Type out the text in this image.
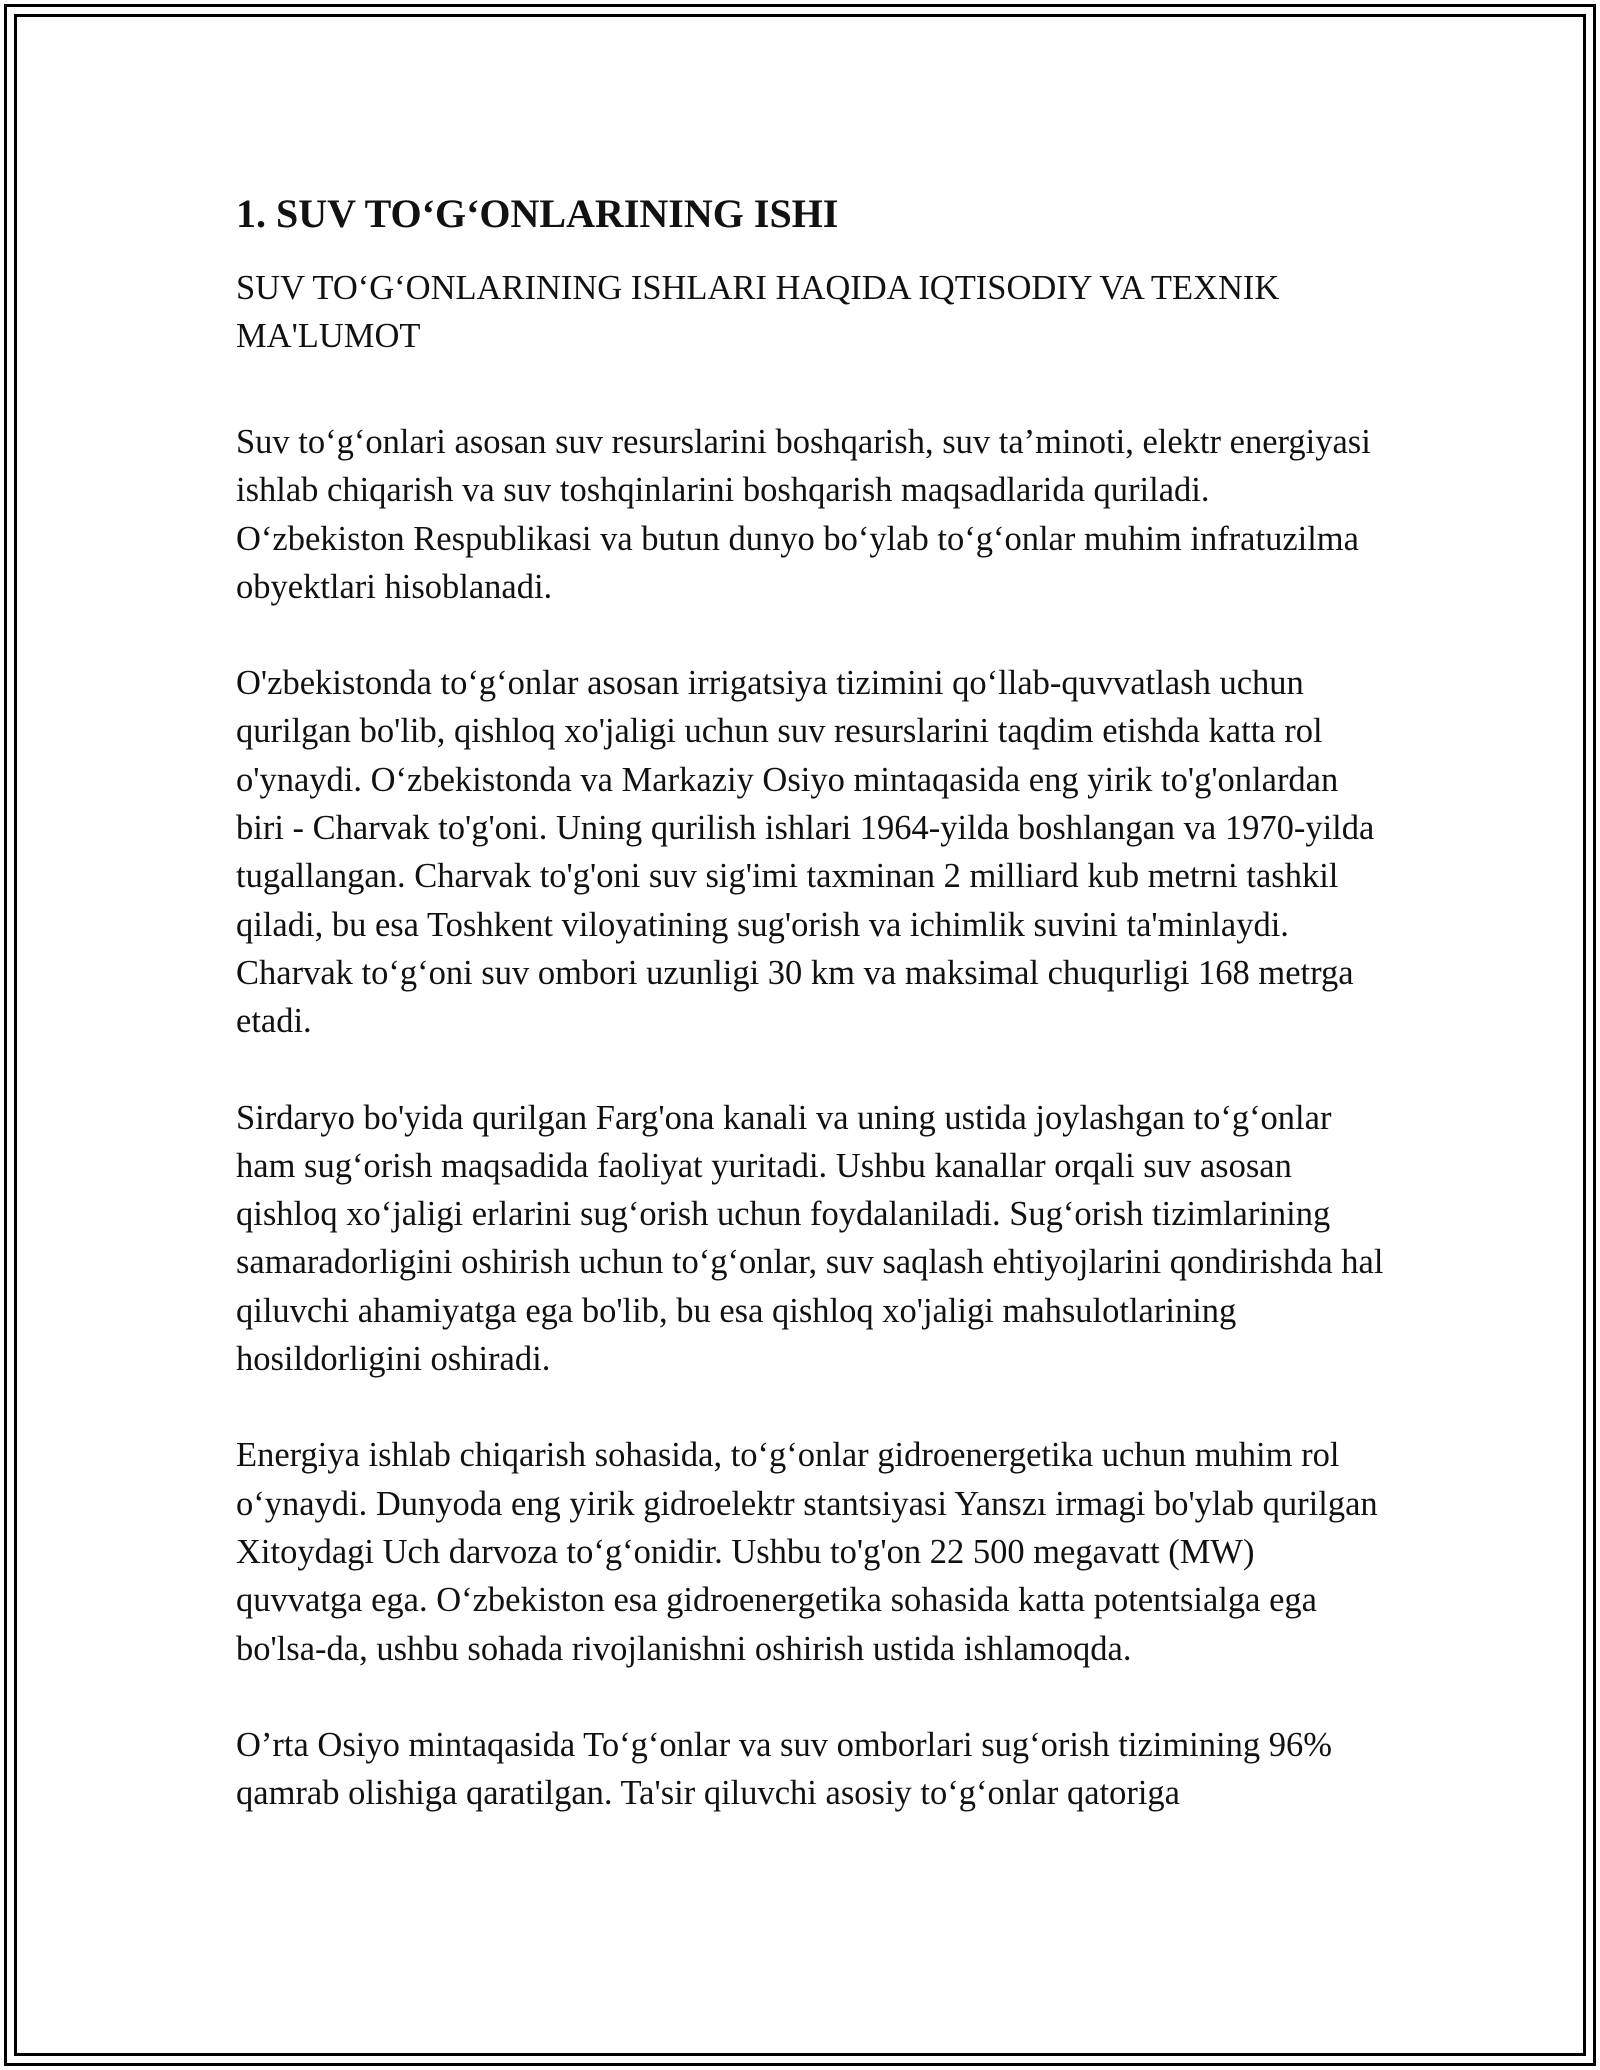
1. SUV TO‘G‘ONLARINING ISHI
SUV TO‘G‘ONLARINING ISHLARI HAQIDA IQTISODIY VA TEXNIK MA'LUMOT

Suv to‘g‘onlari asosan suv resurslarini boshqarish, suv ta’minoti, elektr energiyasi ishlab chiqarish va suv toshqinlarini boshqarish maqsadlarida quriladi. O‘zbekiston Respublikasi va butun dunyo bo‘ylab to‘g‘onlar muhim infratuzilma obyektlari hisoblanadi.

O'zbekistonda to‘g‘onlar asosan irrigatsiya tizimini qo‘llab-quvvatlash uchun qurilgan bo'lib, qishloq xo'jaligi uchun suv resurslarini taqdim etishda katta rol o'ynaydi. O‘zbekistonda va Markaziy Osiyo mintaqasida eng yirik to'g'onlardan biri - Charvak to'g'oni. Uning qurilish ishlari 1964-yilda boshlangan va 1970-yilda tugallangan. Charvak to'g'oni suv sig'imi taxminan 2 milliard kub metrni tashkil qiladi, bu esa Toshkent viloyatining sug'orish va ichimlik suvini ta'minlaydi. Charvak to‘g‘oni suv ombori uzunligi 30 km va maksimal chuqurligi 168 metrga etadi.

Sirdaryo bo'yida qurilgan Farg'ona kanali va uning ustida joylashgan to‘g‘onlar ham sug‘orish maqsadida faoliyat yuritadi. Ushbu kanallar orqali suv asosan qishloq xo‘jaligi erlarini sug‘orish uchun foydalaniladi. Sug‘orish tizimlarining samaradorligini oshirish uchun to‘g‘onlar, suv saqlash ehtiyojlarini qondirishda hal qiluvchi ahamiyatga ega bo'lib, bu esa qishloq xo'jaligi mahsulotlarining hosildorligini oshiradi.

Energiya ishlab chiqarish sohasida, to‘g‘onlar gidroenergetika uchun muhim rol o‘ynaydi. Dunyoda eng yirik gidroelektr stantsiyasi Yanszı irmagi bo'ylab qurilgan Xitoydagi Uch darvoza to‘g‘onidir. Ushbu to'g'on 22 500 megavatt (MW) quvvatga ega. O‘zbekiston esa gidroenergetika sohasida katta potentsialga ega bo'lsa-da, ushbu sohada rivojlanishni oshirish ustida ishlamoqda.

O’rta Osiyo mintaqasida To‘g‘onlar va suv omborlari sug‘orish tizimining 96% qamrab olishiga qaratilgan. Ta'sir qiluvchi asosiy to‘g‘onlar qatoriga
